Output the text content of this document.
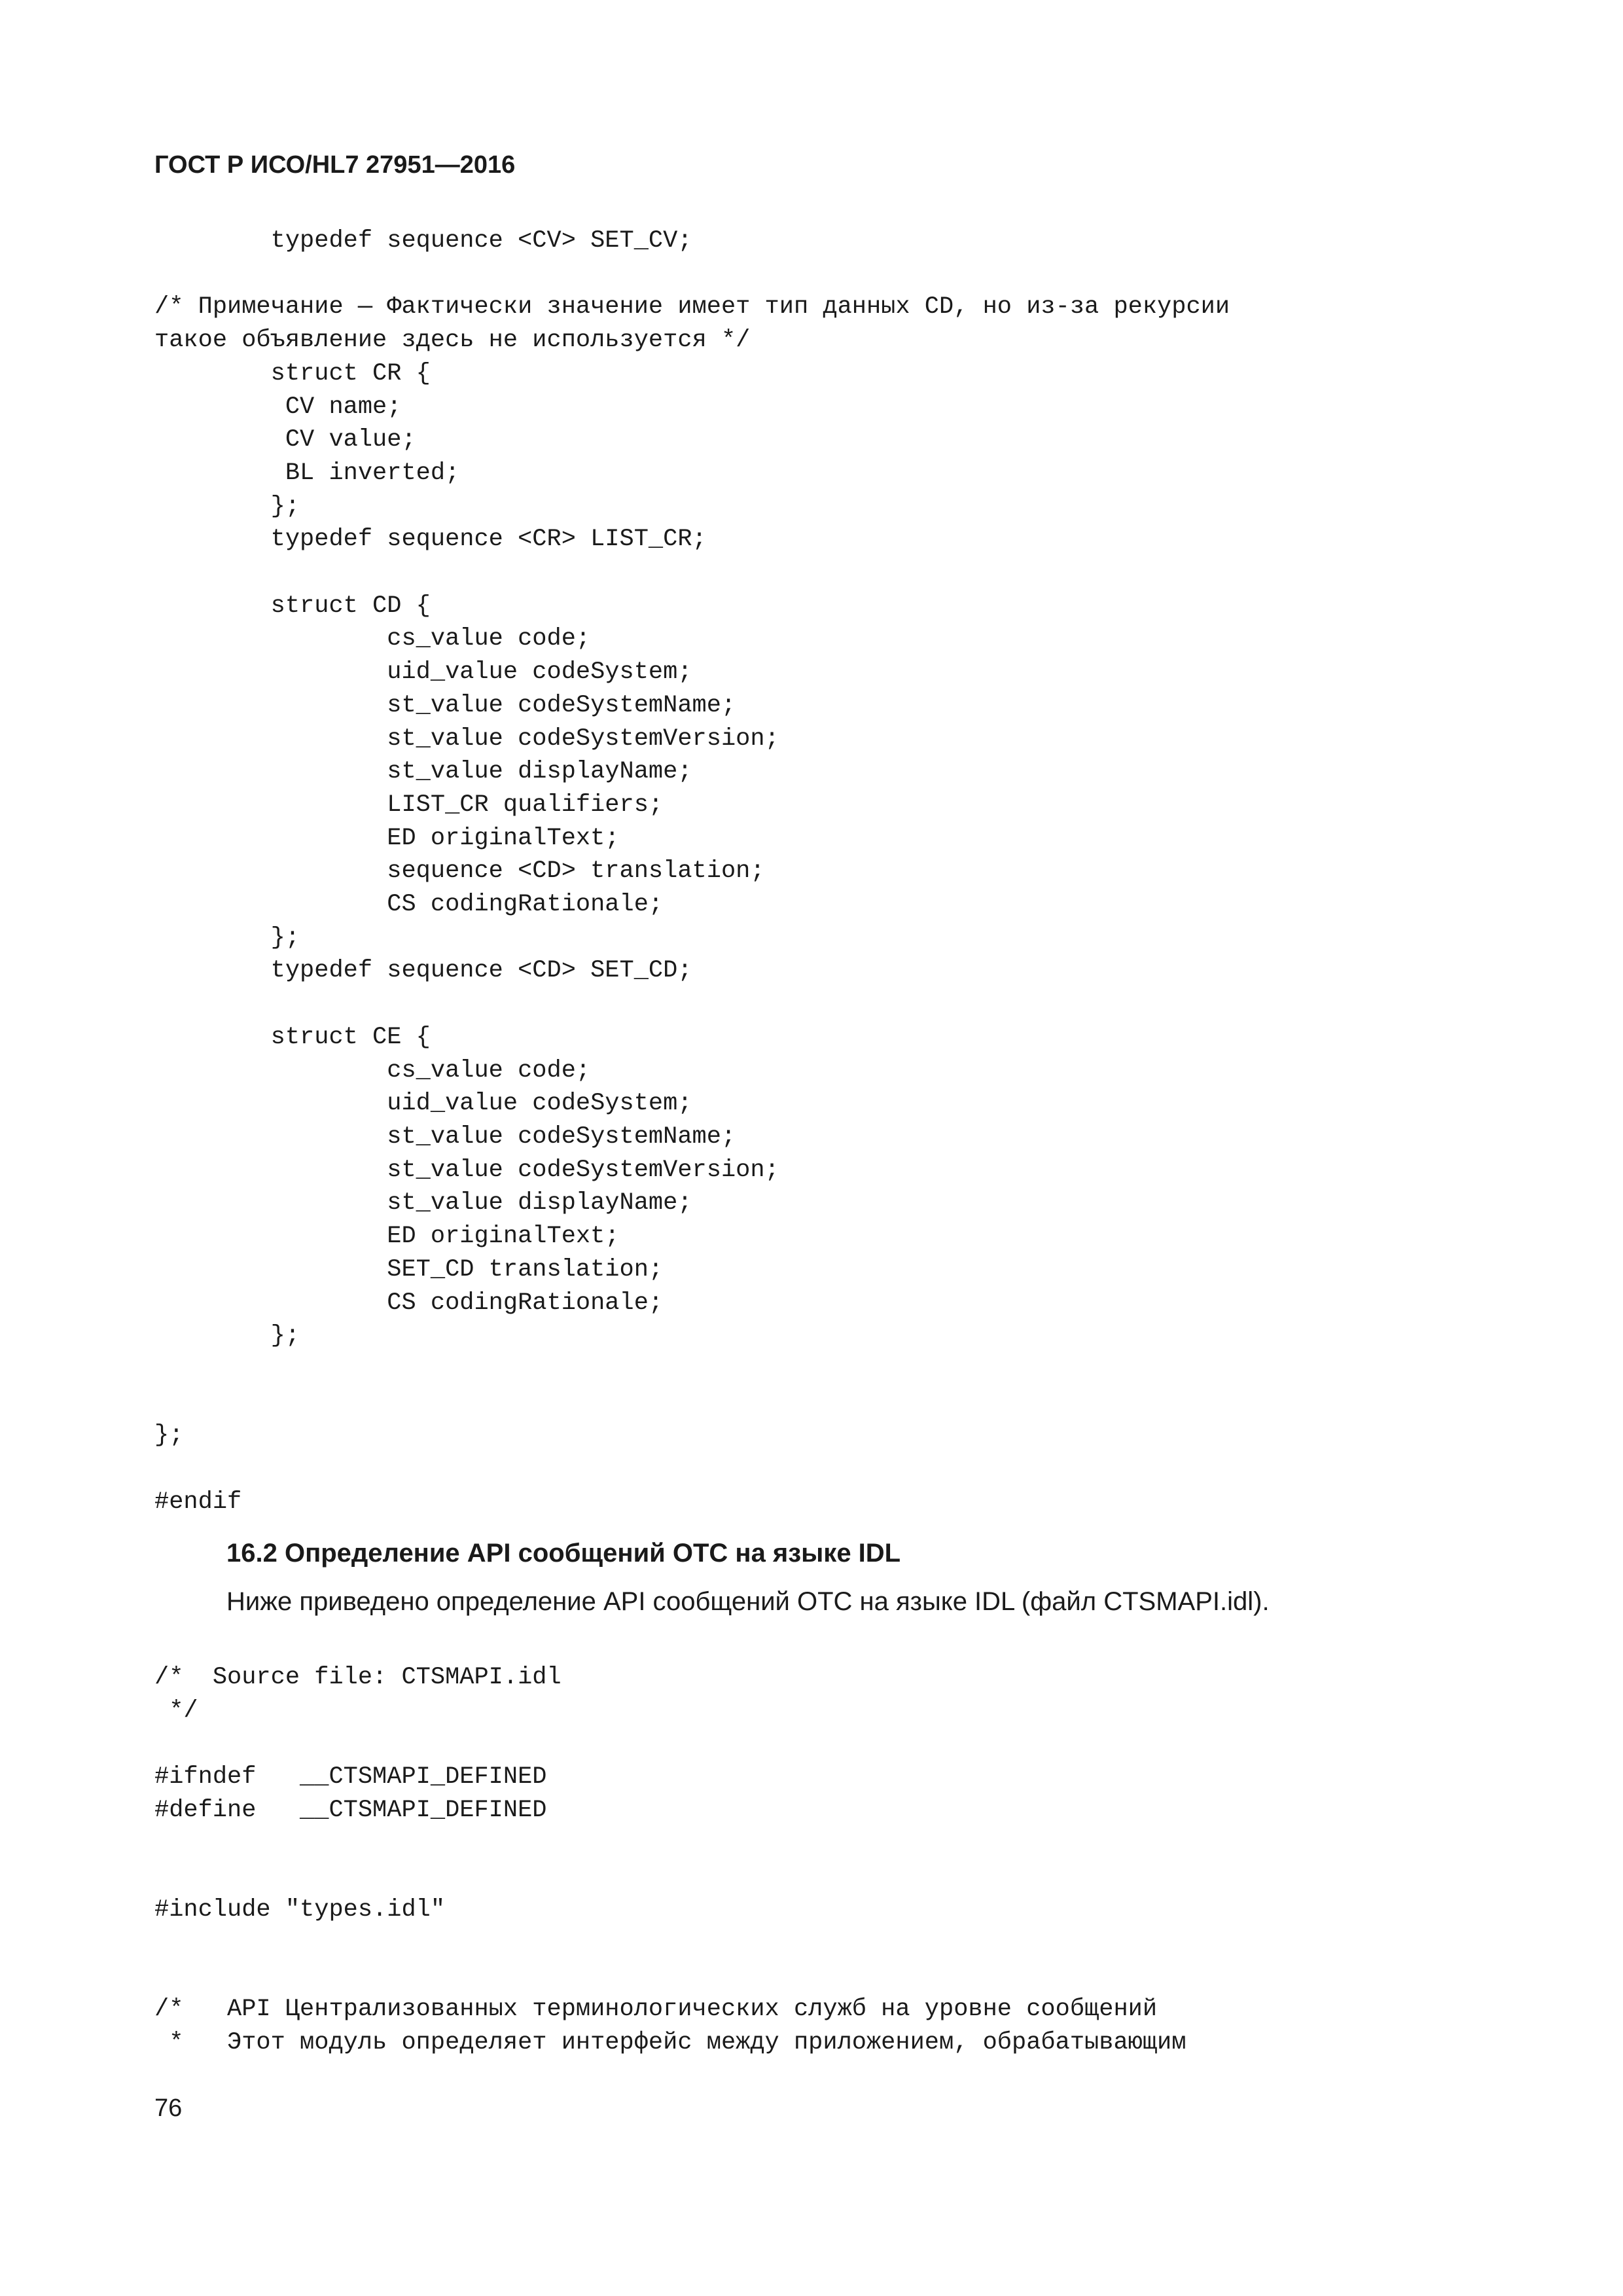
ГОСТ Р ИСО/HL7 27951—2016
typedef sequence <CV> SET_CV;

/* Примечание — Фактически значение имеет тип данных CD, но из-за рекурсии
такое объявление здесь не используется */
struct CR {
CV name;
CV value;
BL inverted;
};
typedef sequence <CR> LIST_CR;

struct CD {
cs_value code;
uid_value codeSystem;
st_value codeSystemName;
st_value codeSystemVersion;
st_value displayName;
LIST_CR qualifiers;
ED originalText;
sequence <CD> translation;
CS codingRationale;
};
typedef sequence <CD> SET_CD;

struct CE {
cs_value code;
uid_value codeSystem;
st_value codeSystemName;
st_value codeSystemVersion;
st_value displayName;
ED originalText;
SET_CD translation;
CS codingRationale;
};

};

#endif
16.2 Определение API сообщений ОТС на языке IDL
Ниже приведено определение API сообщений ОТС на языке IDL (файл CTSMAPI.idl).
/*  Source file: CTSMAPI.idl
*/

#ifndef   __CTSMAPI_DEFINED
#define   __CTSMAPI_DEFINED

#include "types.idl"

/*   API Централизованных терминологических служб на уровне сообщений
*   Этот модуль определяет интерфейс между приложением, обрабатывающим
76
